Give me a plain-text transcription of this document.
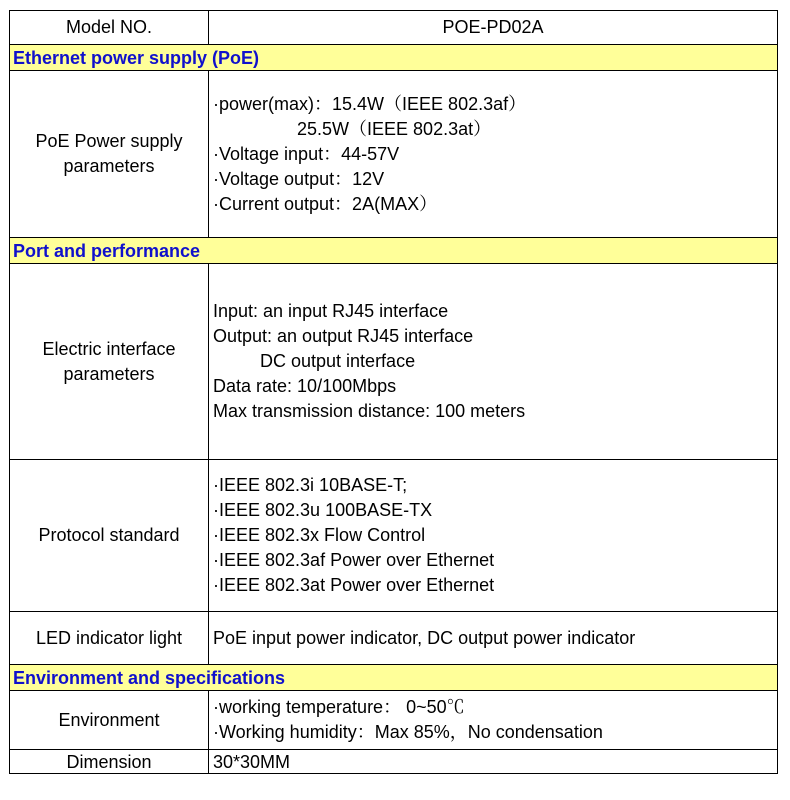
Model NO.	POE-PD02A
Ethernet power supply (PoE)	

PoE Power supply
parameters	·power(max)：15.4W（IEEE 802.3af）
25.5W（IEEE 802.3at）
·Voltage input：44-57V
·Voltage output：12V
·Current output：2A(MAX）

Port and performance	

Electric interface
parameters	Input: an input RJ45 interface
Output: an output RJ45 interface
DC output interface
Data rate: 10/100Mbps
Max transmission distance: 100 meters

Protocol standard	·IEEE 802.3i 10BASE-T;
·IEEE 802.3u 100BASE-TX
·IEEE 802.3x Flow Control
·IEEE 802.3af Power over Ethernet
·IEEE 802.3at Power over Ethernet

LED indicator light	PoE input power indicator, DC output power indicator
Environment and specifications	
Environment	·working temperature： 0~50℃
·Working humidity：Max 85%，No condensation

Dimension	30*30MM
